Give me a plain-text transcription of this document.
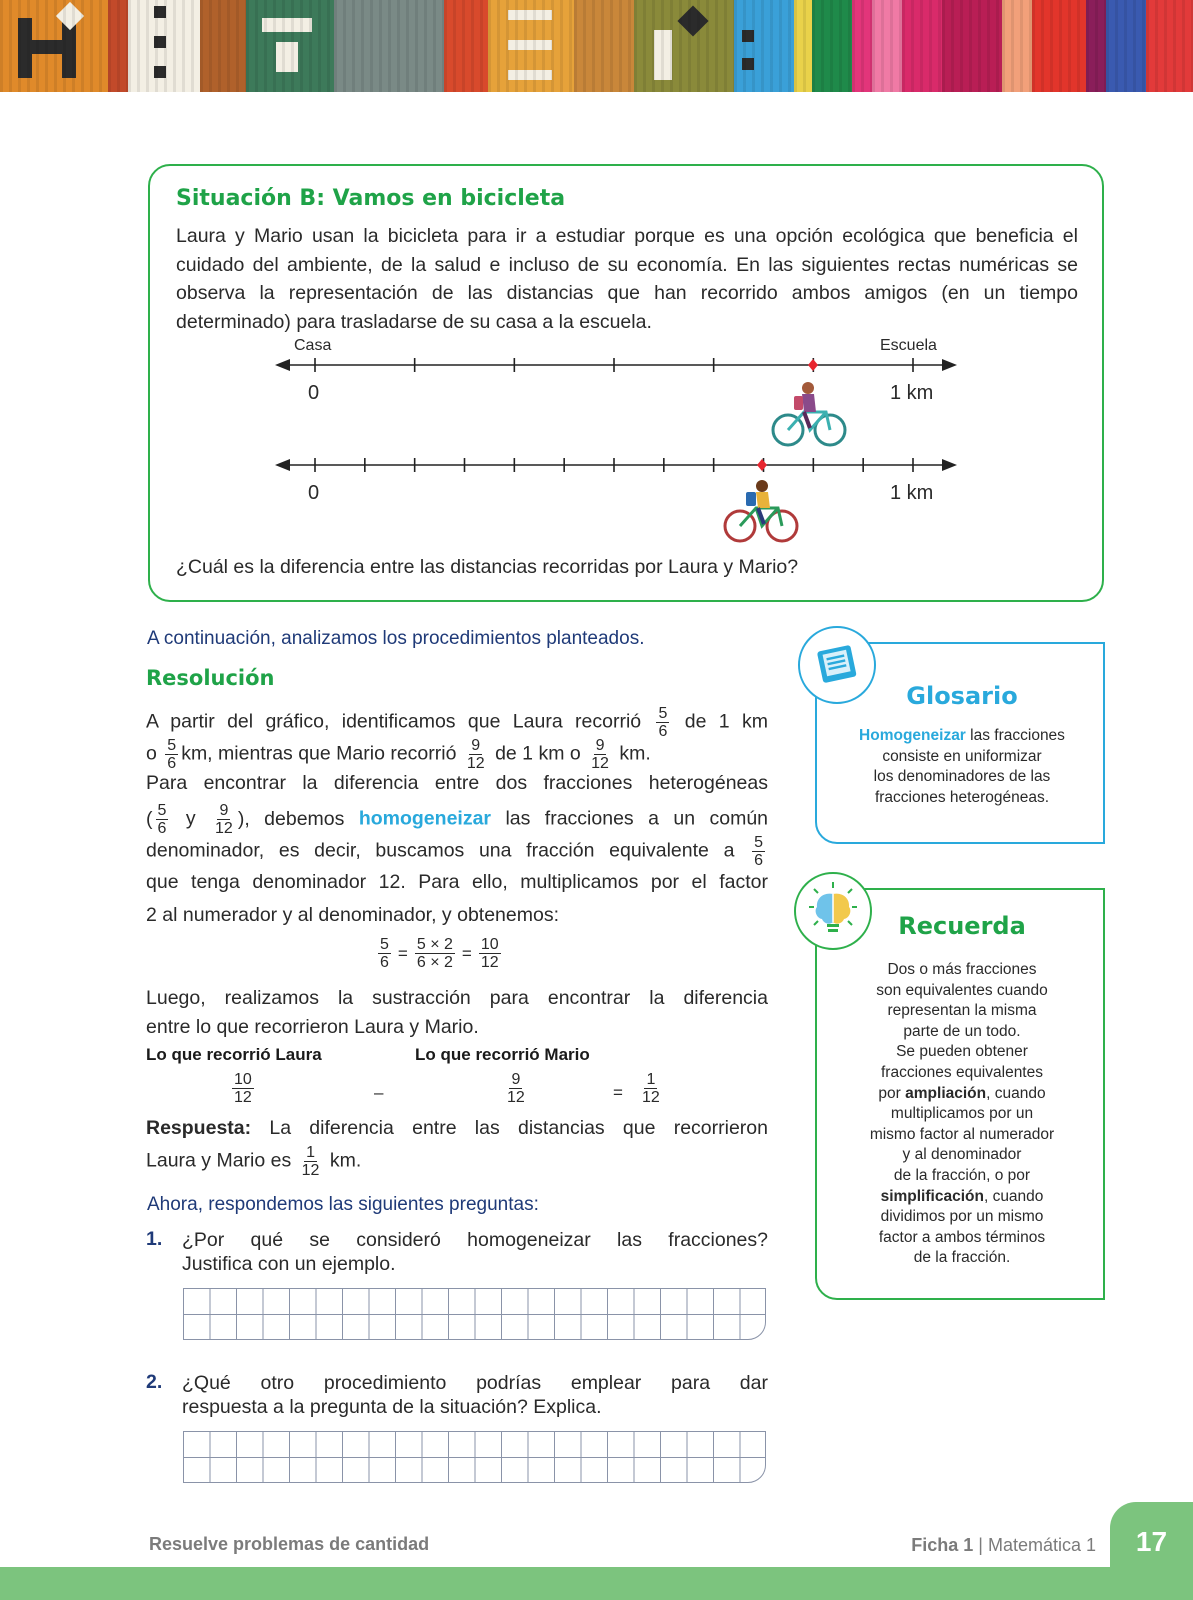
Situación B: Vamos en bicicleta
Laura y Mario usan la bicicleta para ir a estudiar porque es una opción ecológica que beneficia el cuidado del ambiente, de la salud e incluso de su economía. En las siguientes rectas numéricas se observa la representación de las distancias que han recorrido ambos amigos (en un tiempo determinado) para trasladarse de su casa a la escuela.
Casa	Escuela
0	1 km
0	1 km
¿Cuál es la diferencia entre las distancias recorridas por Laura y Mario?
A continuación, analizamos los procedimientos planteados.
Resolución
A partir del gráfico, identificamos que Laura recorrió $\frac{5}{6}$ de 1 km
o $\frac{5}{6}$ km, mientras que Mario recorrió $\frac{9}{12}$ de 1 km o $\frac{9}{12}$ km.
Para encontrar la diferencia entre dos fracciones heterogéneas
( $\frac{5}{6}$ y $\frac{9}{12}$ ), debemos homogeneizar las fracciones a un común
denominador, es decir, buscamos una fracción equivalente a $\frac{5}{6}$
que tenga denominador 12. Para ello, multiplicamos por el factor
2 al numerador y al denominador, y obtenemos:
$\frac{5}{6} = \frac{5 \times 2}{6 \times 2} = \frac{10}{12}$
Luego, realizamos la sustracción para encontrar la diferencia
entre lo que recorrieron Laura y Mario.
Lo que recorrió Laura	Lo que recorrió Mario
$\frac{10}{12}$	–	$\frac{9}{12}$	= $\frac{1}{12}$
Respuesta: La diferencia entre las distancias que recorrieron
Laura y Mario es $\frac{1}{12}$ km.
Ahora, respondemos las siguientes preguntas:
1. ¿Por qué se consideró homogeneizar las fracciones?
Justifica con un ejemplo.
2. ¿Qué otro procedimiento podrías emplear para dar
respuesta a la pregunta de la situación? Explica.
Glosario
Homogeneizar las fracciones
consiste en uniformizar
los denominadores de las
fracciones heterogéneas.
Recuerda
Dos o más fracciones
son equivalentes cuando
representan la misma
parte de un todo.
Se pueden obtener
fracciones equivalentes
por ampliación, cuando
multiplicamos por un
mismo factor al numerador
y al denominador
de la fracción, o por
simplificación, cuando
dividimos por un mismo
factor a ambos términos
de la fracción.
17
Resuelve problemas de cantidad	Ficha 1 | Matemática 1
